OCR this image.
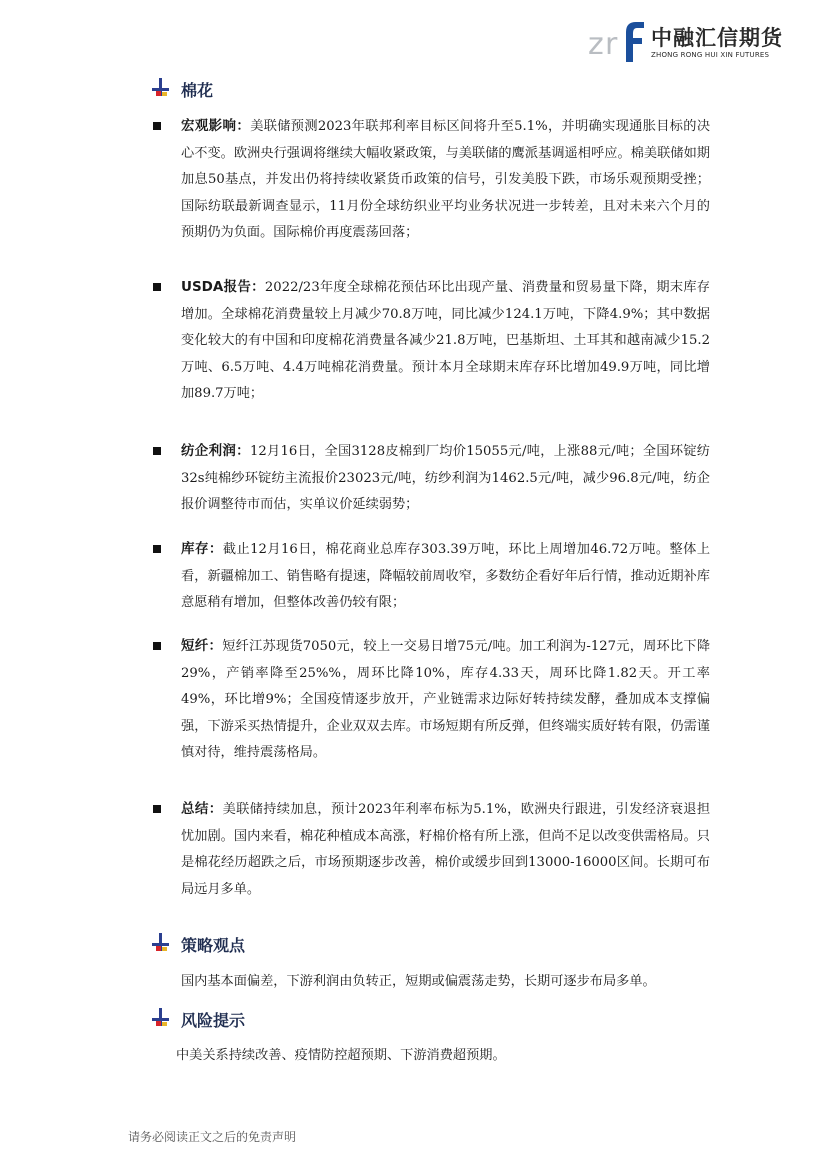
z r 中融汇信期货
ZHONG RONG HUI XIN FUTURES
棉花
宏观影响：美联储预测2023年联邦利率目标区间将升至5.1%，并明确实现通胀目标的决心不变。欧洲央行强调将继续大幅收紧政策，与美联储的鹰派基调遥相呼应。棉美联储如期加息50基点，并发出仍将持续收紧货币政策的信号，引发美股下跌，市场乐观预期受挫；国际纺联最新调查显示，11月份全球纺织业平均业务状况进一步转差，且对未来六个月的预期仍为负面。国际棉价再度震荡回落；
USDA报告：2022/23年度全球棉花预估环比出现产量、消费量和贸易量下降，期末库存增加。全球棉花消费量较上月减少70.8万吨，同比减少124.1万吨，下降4.9%；其中数据变化较大的有中国和印度棉花消费量各减少21.8万吨，巴基斯坦、土耳其和越南减少15.2万吨、6.5万吨、4.4万吨棉花消费量。预计本月全球期末库存环比增加49.9万吨，同比增加89.7万吨；
纺企利润：12月16日，全国3128皮棉到厂均价15055元/吨，上涨88元/吨；全国环锭纺32s纯棉纱环锭纺主流报价23023元/吨，纺纱利润为1462.5元/吨，减少96.8元/吨，纺企报价调整待市而估，实单议价延续弱势；
库存：截止12月16日，棉花商业总库存303.39万吨，环比上周增加46.72万吨。整体上看，新疆棉加工、销售略有提速，降幅较前周收窄，多数纺企看好年后行情，推动近期补库意愿稍有增加，但整体改善仍较有限；
短纤：短纤江苏现货7050元，较上一交易日增75元/吨。加工利润为-127元，周环比下降29%，产销率降至25%%，周环比降10%，库存4.33天，周环比降1.82天。开工率49%，环比增9%；全国疫情逐步放开，产业链需求边际好转持续发酵，叠加成本支撑偏强，下游采买热情提升，企业双双去库。市场短期有所反弹，但终端实质好转有限，仍需谨慎对待，维持震荡格局。
总结：美联储持续加息，预计2023年利率布标为5.1%，欧洲央行跟进，引发经济衰退担忧加剧。国内来看，棉花种植成本高涨，籽棉价格有所上涨，但尚不足以改变供需格局。只是棉花经历超跌之后，市场预期逐步改善，棉价或缓步回到13000-16000区间。长期可布局远月多单。
策略观点
国内基本面偏差，下游利润由负转正，短期或偏震荡走势，长期可逐步布局多单。
风险提示
中美关系持续改善、疫情防控超预期、下游消费超预期。
请务必阅读正文之后的免责声明
